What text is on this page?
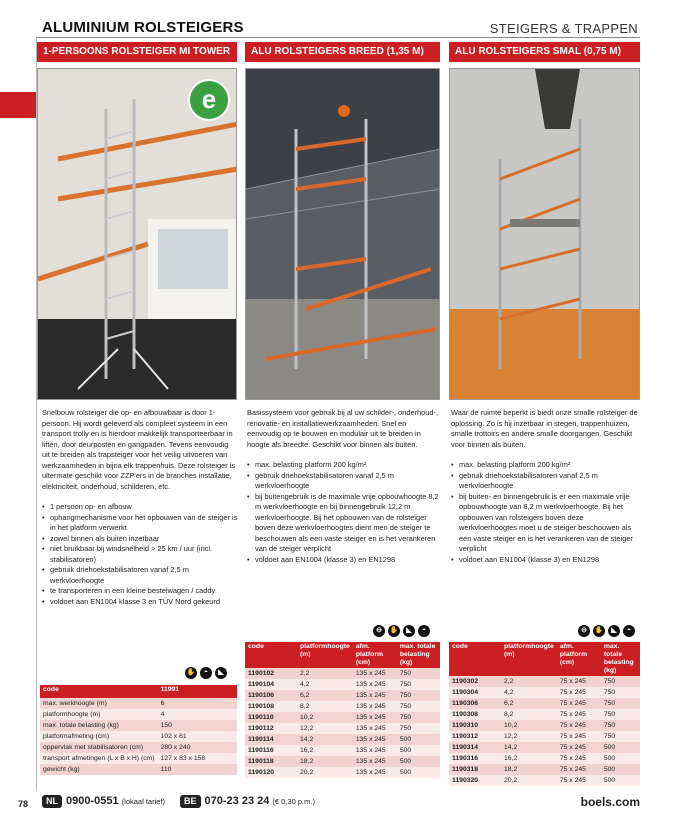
ALUMINIUM ROLSTEIGERS	STEIGERS & TRAPPEN
1-PERSOONS ROLSTEIGER MI TOWER	ALU ROLSTEIGERS BREED (1,35 M)	ALU ROLSTEIGERS SMAL (0,75 M)
e

Snelbouw rolsteiger die op- en afbouwbaar is door 1-persoon. Hij wordt geleverd als compleet systeem in een transport trolly en is hierdoor makkelijk transporteerbaar in liften, door deurposten en gangpaden. Tevens eenvoudig uit te breiden als trapsteiger voor het veilig uitvoeren van werkzaamheden in bijna elk trappenhuis. Deze rolsteiger is ultermate geschikt voor ZZP'ers in de branches installatie, elektriciteit, onderhoud, schilderen, etc.

• 1 persoon op- en afbouw
• ophangmechanisme voor het opbouwen van de steiger is in het platform verwerkt
• zowel binnen als buiten inzetbaar
• niet bruikbaar bij windsnelheid > 25 km / uur (incl. stabilisatoren)
• gebruik driehoekstabilisatoren vanaf 2,5 m werkvloerhoogte
• te transporteren in een kleine bestelwagen / caddy
• voldoet aan EN1004 klasse 3 en TÜV Nord gekeurd

Basissysteem voor gebruik bij al uw schilder-, onderhoud-, renovatie- en installatiewerkzaamheden. Snel en eenvoudig op te bouwen en modulair uit te breiden in hoogte als breedte. Geschikt voor binnen als buiten.

• max. belasting platform 200 kg/m²
• gebruik driehoekstabilisatoren vanaf 2,5 m werkvloerhoogte
• bij buitengebruik is de maximale vrije opbouwhoogte 8,2 m werkvloerhoogte en bij binnengebruik 12,2 m werkvloerhoogte. Bij het opbouwen van de rolsteiger boven deze werkvloerhoogtes dient men de steiger te beschouwen als een vaste steiger en is het verankeren van de steiger verplicht
• voldoet aan EN1004 (klasse 3) en EN1298

Waar de ruimte beperkt is biedt onze smalle rolsteiger de oplossing. Zo is hij inzetbaar in stegen, trappenhuizen, smalle trottoirs en andere smalle doorgangen. Geschikt voor binnen als buiten.

• max. belasting platform 200 kg/m²
• gebruik driehoekstabilisatoren vanaf 2,5 m werkvloerhoogte
• bij buiten- en binnengebruik is er een maximale vrije opbouwhoogte van 8,2 m werkvloerhoogte. Bij het opbouwen van rolsteigers boven deze werkvloerhoogtes moet u de steiger beschouwen als een vaste steiger en is het verankeren van de steiger verplicht
• voldoet aan EN1004 (klasse 3) en EN1298
✋	◓	◣
⊖	✋	◣	◓	⊖	✋	◣	◓
code	11991
max. werkhoogte (m)	6
platformhoogte (m)	4
max. totale belasting (kg)	150
platformafmeting (cm)	102 x 61
oppervlak met stabilisatoren (cm)	280 x 240
transport afmetingen (L x B x H) (cm)	127 x 83 x 158
gewicht (kg)	110
code	platformhoogte (m)	afm. platform (cm)	max. totale belasting (kg)
1190102	2,2	135 x 245	750
1190104	4,2	135 x 245	750
1190106	6,2	135 x 245	750
1190108	8,2	135 x 245	750
1190110	10,2	135 x 245	750
1190112	12,2	135 x 245	750
1190114	14,2	135 x 245	500
1190116	16,2	135 x 245	500
1190118	18,2	135 x 245	500
1190120	20,2	135 x 245	500
code	platformhoogte (m)	afm. platform (cm)	max. totale belasting (kg)
1190302	2,2	75 x 245	750
1190304	4,2	75 x 245	750
1190306	6,2	75 x 245	750
1190308	8,2	75 x 245	750
1190310	10,2	75 x 245	750
1190312	12,2	75 x 245	750
1190314	14,2	75 x 245	500
1190316	16,2	75 x 245	500
1190318	18,2	75 x 245	500
1190320	20,2	75 x 245	500
78	NL 0900-0551 (lokaal tarief)	BE 070-23 23 24 (€ 0,30 p.m.)	boels.com
